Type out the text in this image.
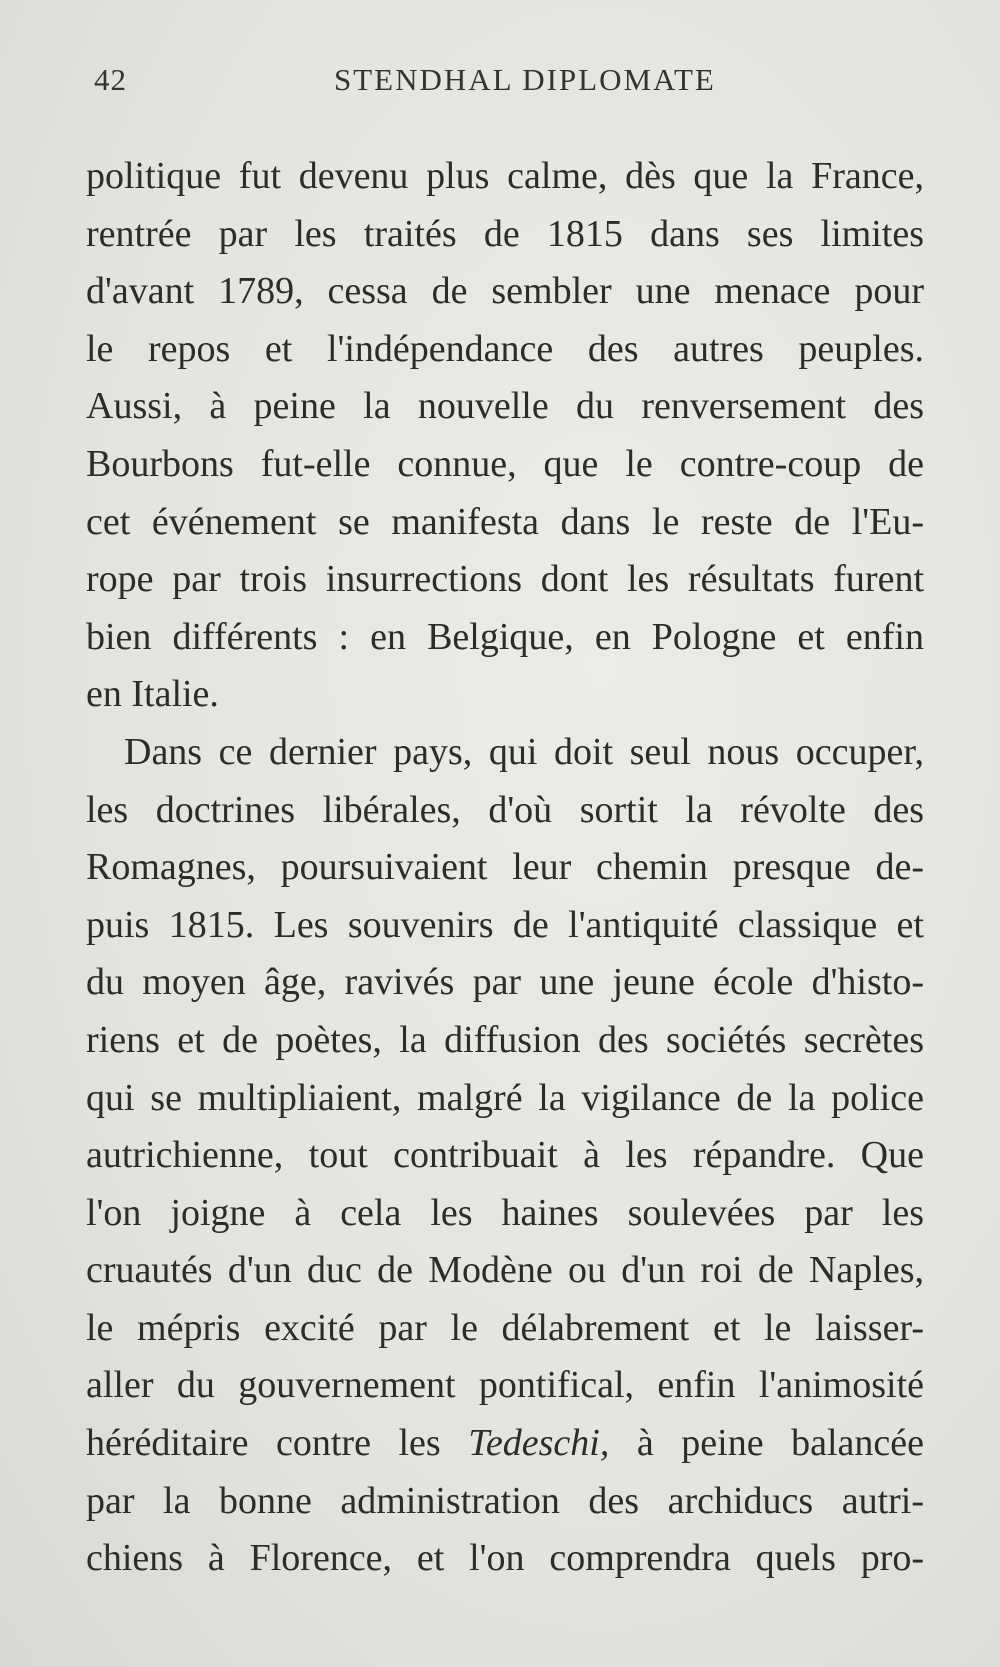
42	STENDHAL DIPLOMATE
politique fut devenu plus calme, dès que la France,
rentrée par les traités de 1815 dans ses limites
d'avant 1789, cessa de sembler une menace pour
le repos et l'indépendance des autres peuples.
Aussi, à peine la nouvelle du renversement des
Bourbons fut-elle connue, que le contre-coup de
cet événement se manifesta dans le reste de l'Eu-
rope par trois insurrections dont les résultats furent
bien différents : en Belgique, en Pologne et enfin
en Italie.
Dans ce dernier pays, qui doit seul nous occuper,
les doctrines libérales, d'où sortit la révolte des
Romagnes, poursuivaient leur chemin presque de-
puis 1815. Les souvenirs de l'antiquité classique et
du moyen âge, ravivés par une jeune école d'histo-
riens et de poètes, la diffusion des sociétés secrètes
qui se multipliaient, malgré la vigilance de la police
autrichienne, tout contribuait à les répandre. Que
l'on joigne à cela les haines soulevées par les
cruautés d'un duc de Modène ou d'un roi de Naples,
le mépris excité par le délabrement et le laisser-
aller du gouvernement pontifical, enfin l'animosité
héréditaire contre les Tedeschi, à peine balancée
par la bonne administration des archiducs autri-
chiens à Florence, et l'on comprendra quels pro-
